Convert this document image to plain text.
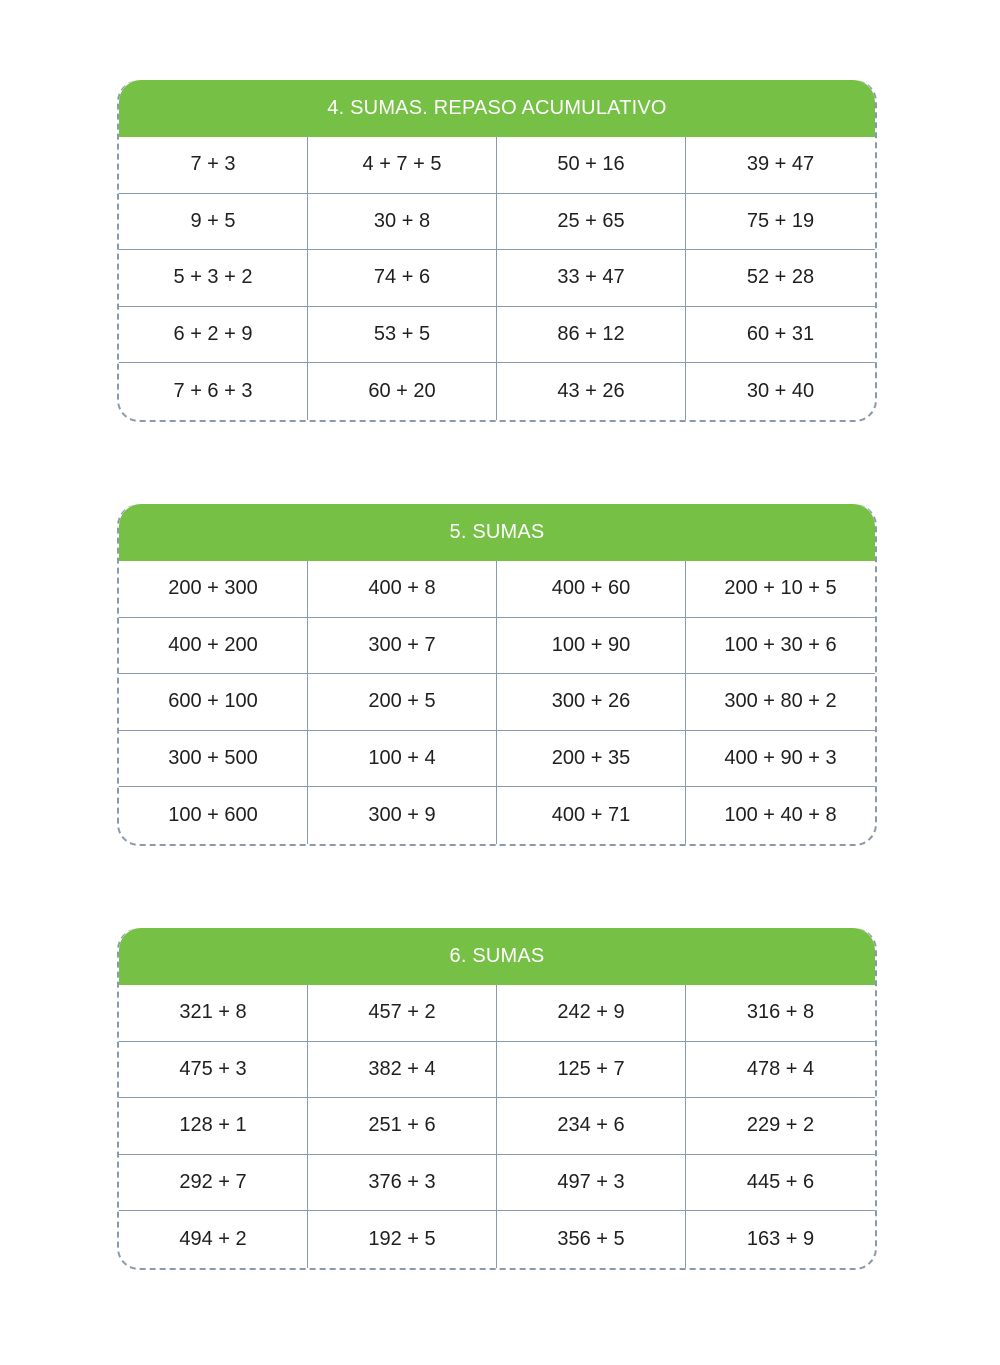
4. SUMAS. REPASO ACUMULATIVO
7 + 3	4 + 7 + 5	50 + 16	39 + 47
9 + 5	30 + 8	25 + 65	75 + 19
5 + 3 + 2	74 + 6	33 + 47	52 + 28
6 + 2 + 9	53 + 5	86 + 12	60 + 31
7 + 6 + 3	60 + 20	43 + 26	30 + 40
5. SUMAS
200 + 300	400 + 8	400 + 60	200 + 10 + 5
400 + 200	300 + 7	100 + 90	100 + 30 + 6
600 + 100	200 + 5	300 + 26	300 + 80 + 2
300 + 500	100 + 4	200 + 35	400 + 90 + 3
100 + 600	300 + 9	400 + 71	100 + 40 + 8
6. SUMAS
321 + 8	457 + 2	242 + 9	316 + 8
475 + 3	382 + 4	125 + 7	478 + 4
128 + 1	251 + 6	234 + 6	229 + 2
292 + 7	376 + 3	497 + 3	445 + 6
494 + 2	192 + 5	356 + 5	163 + 9
